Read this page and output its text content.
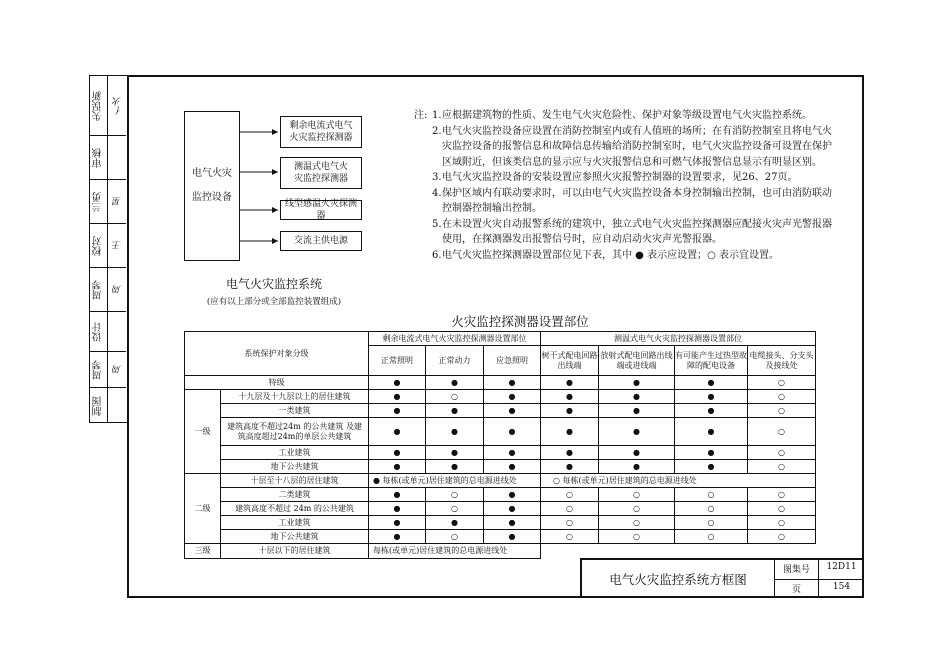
失误新 亻火
审核
兰勇 星
校对 王
周琴 周
设计
周琴 周
制图
电气火灾监控设备
剩余电流式电气火灾监控探测器
测温式电气火灾监控探测器
线型感温火灾探测器
交流主供电源
电气火灾监控系统
(应有以上部分或全部监控装置组成)
注: 1. 应根据建筑物的性质、发生电气火灾危险性、保护对象等级设置电气火灾监控系统。
2. 电气火灾监控设备应设置在消防控制室内或有人值班的场所；在有消防控制室且将电气火灾监控设备的报警信息和故障信息传输给消防控制室时，电气火灾监控设备可设置在保护区域附近，但该类信息的显示应与火灾报警信息和可燃气体报警信息显示有明显区别。
3. 电气火灾监控设备的安装设置应参照火灾报警控制器的设置要求，见26、27页。
4. 保护区域内有联动要求时，可以由电气火灾监控设备本身控制输出控制，也可由消防联动控制器控制输出控制。
5. 在未设置火灾自动报警系统的建筑中，独立式电气火灾监控探测器应配接火灾声光警报器使用，在探测器发出报警信号时，应自动启动火灾声光警报器。
6. 电气火灾监控探测器设置部位见下表，其中 ● 表示应设置；○ 表示宜设置。
火灾监控探测器设置部位
系统保护对象分级		剩余电流式电气火灾监控探测器设置部位			测温式电气火灾监控探测器设置部位			
		正常照明	正常动力	应急照明	树干式配电回路出线端	放射式配电回路出线端或进线端	有可能产生过热型故障的配电设备	电缆接头、分支头及接线处
特级		●	●	●	●	●	●	○
一级	十九层及十九层以上的居住建筑	●	○	●	●	●	●	○
	一类建筑	●	●	●	●	●	●	○
	建筑高度不超过24m 的公共建筑 及建筑高度超过24m的单层公共建筑	●	●	●	●	●	●	○
	工业建筑	●	●	●	●	●	●	○
	地下公共建筑	●	●	●	●	●	●	○
二级	十层至十八层的居住建筑	● 每栋(或单元)居住建筑的总电源进线处			○ 每栋(或单元)居住建筑的总电源进线处			
	二类建筑	●	○	●	○	○	○	○
	建筑高度不超过 24m 的公共建筑	●	○	●	○	○	○	○
	工业建筑	●	●	●	○	○	○	○
	地下公共建筑	●	○	●	○	○	○	○
三级	十层以下的居住建筑	每栋(或单元)居住建筑的总电源进线处						
电气火灾监控系统方框图
图集号	12D11
页	154
